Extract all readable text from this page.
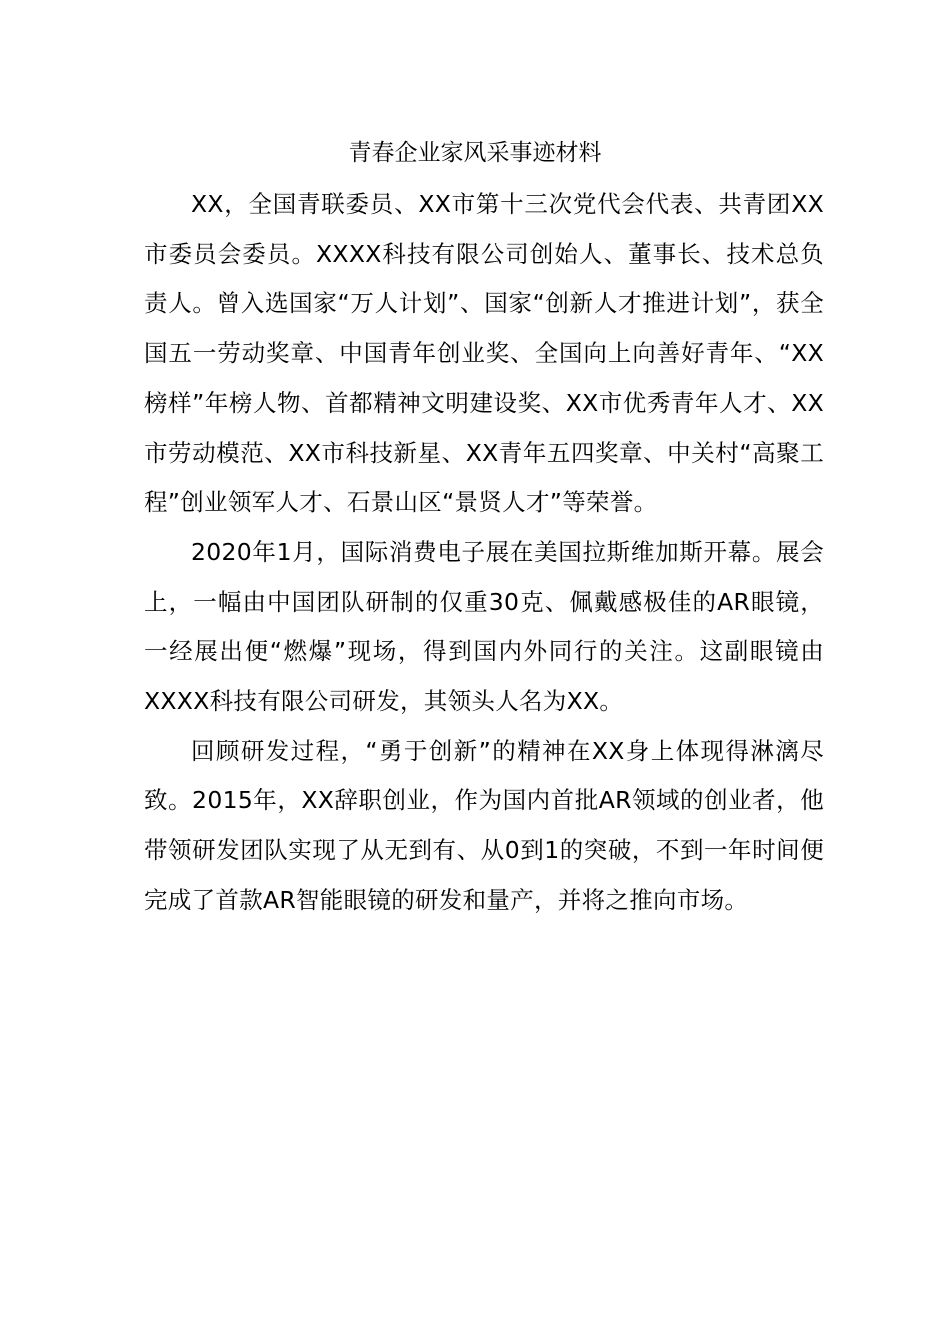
青春企业家风采事迹材料

XX，全国青联委员、XX市第十三次党代会代表、共青团XX市委员会委员。XXXX科技有限公司创始人、董事长、技术总负责人。曾入选国家“万人计划”、国家“创新人才推进计划”，获全国五一劳动奖章、中国青年创业奖、全国向上向善好青年、“XX榜样”年榜人物、首都精神文明建设奖、XX市优秀青年人才、XX市劳动模范、XX市科技新星、XX青年五四奖章、中关村“高聚工程”创业领军人才、石景山区“景贤人才”等荣誉。

2020年1月，国际消费电子展在美国拉斯维加斯开幕。展会上，一幅由中国团队研制的仅重30克、佩戴感极佳的AR眼镜，一经展出便“燃爆”现场，得到国内外同行的关注。这副眼镜由XXXX科技有限公司研发，其领头人名为XX。

回顾研发过程，“勇于创新”的精神在XX身上体现得淋漓尽致。2015年，XX辞职创业，作为国内首批AR领域的创业者，他带领研发团队实现了从无到有、从0到1的突破，不到一年时间便完成了首款AR智能眼镜的研发和量产，并将之推向市场。
